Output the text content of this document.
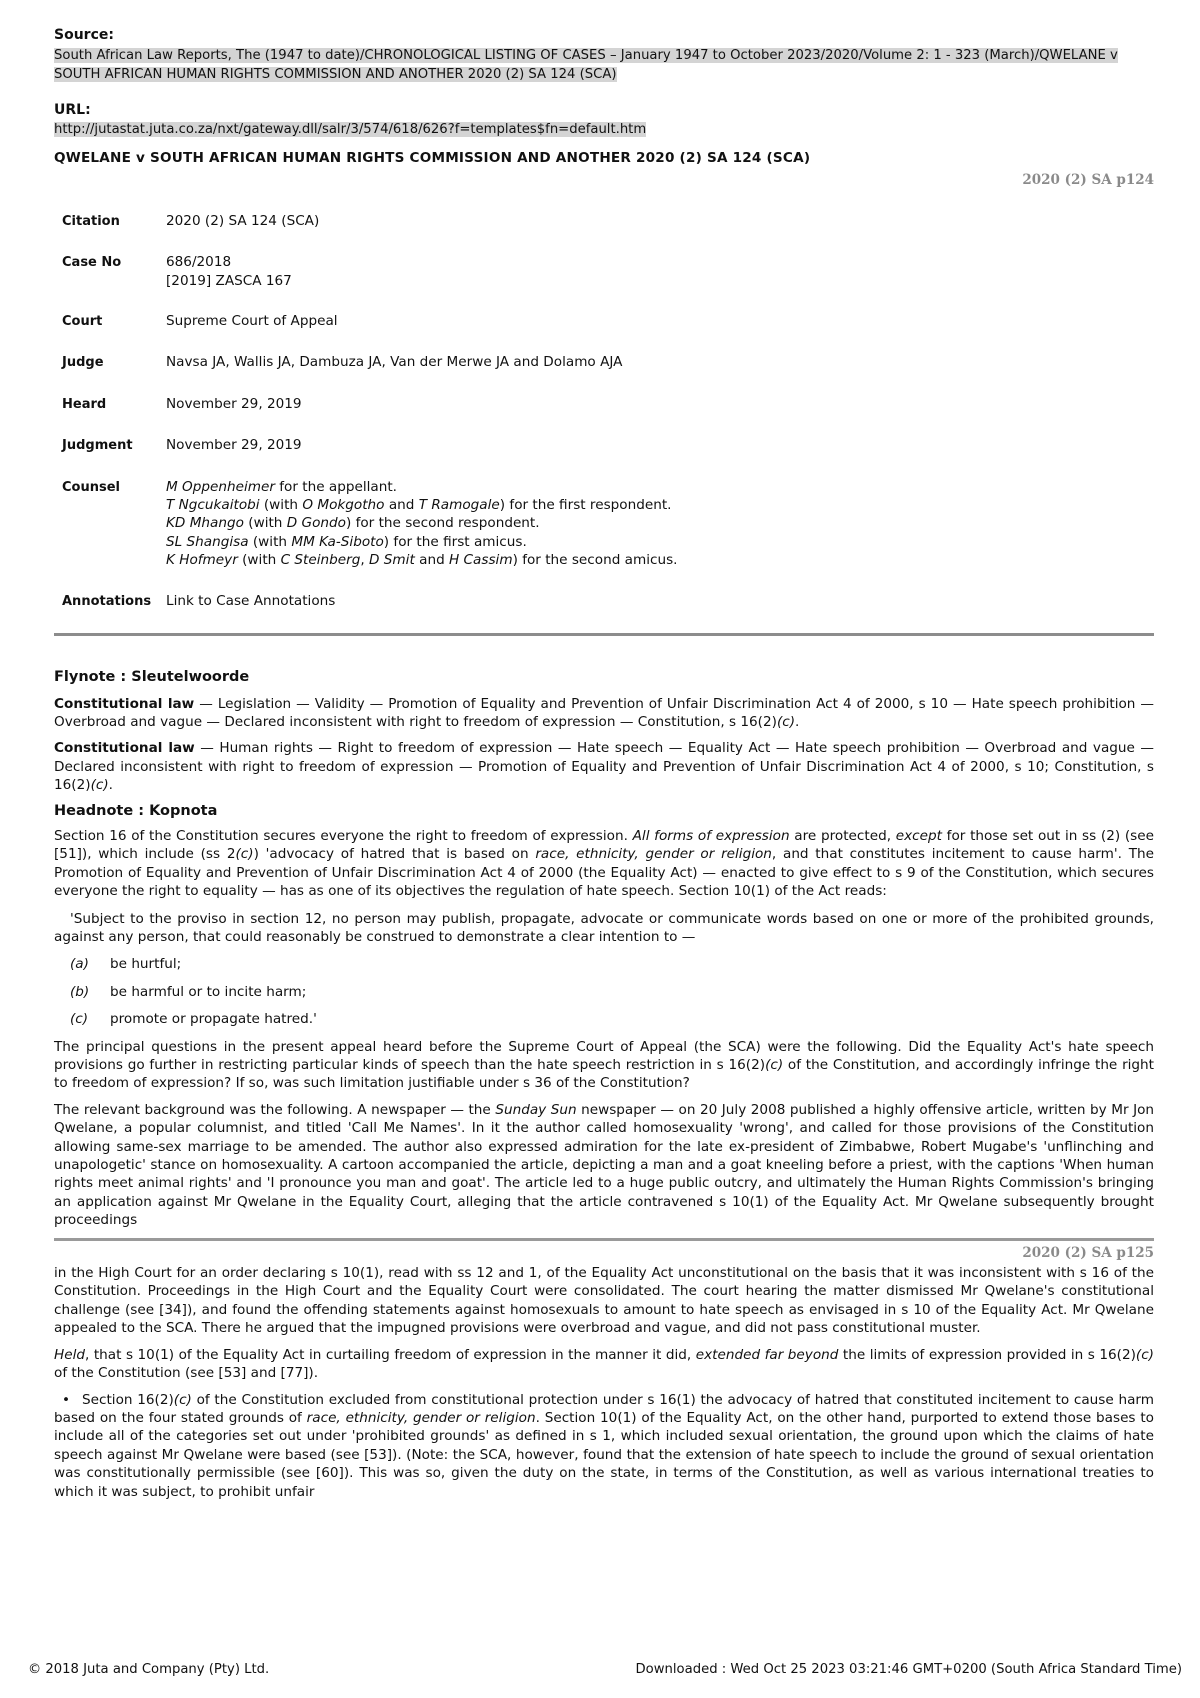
Source:
South African Law Reports, The (1947 to date)/CHRONOLOGICAL LISTING OF CASES – January 1947 to October 2023/2020/Volume 2: 1 - 323 (March)/QWELANE v SOUTH AFRICAN HUMAN RIGHTS COMMISSION AND ANOTHER 2020 (2) SA 124 (SCA)
URL:
http://jutastat.juta.co.za/nxt/gateway.dll/salr/3/574/618/626?f=templates$fn=default.htm
QWELANE v SOUTH AFRICAN HUMAN RIGHTS COMMISSION AND ANOTHER 2020 (2) SA 124 (SCA)
2020 (2) SA p124
Citation	2020 (2) SA 124 (SCA)
Case No	686/2018
[2019] ZASCA 167
Court	Supreme Court of Appeal
Judge	Navsa JA, Wallis JA, Dambuza JA, Van der Merwe JA and Dolamo AJA
Heard	November 29, 2019
Judgment	November 29, 2019
Counsel	M Oppenheimer for the appellant.
T Ngcukaitobi (with O Mokgotho and T Ramogale) for the first respondent.
KD Mhango (with D Gondo) for the second respondent.
SL Shangisa (with MM Ka-Siboto) for the first amicus.
K Hofmeyr (with C Steinberg, D Smit and H Cassim) for the second amicus.
Annotations	Link to Case Annotations
Flynote : Sleutelwoorde

Constitutional law — Legislation — Validity — Promotion of Equality and Prevention of Unfair Discrimination Act 4 of 2000, s 10 — Hate speech prohibition — Overbroad and vague — Declared inconsistent with right to freedom of expression — Constitution, s 16(2)(c).

Constitutional law — Human rights — Right to freedom of expression — Hate speech — Equality Act — Hate speech prohibition — Overbroad and vague — Declared inconsistent with right to freedom of expression — Promotion of Equality and Prevention of Unfair Discrimination Act 4 of 2000, s 10; Constitution, s 16(2)(c).

Headnote : Kopnota

Section 16 of the Constitution secures everyone the right to freedom of expression. All forms of expression are protected, except for those set out in ss (2) (see [51]), which include (ss 2(c)) 'advocacy of hatred that is based on race, ethnicity, gender or religion, and that constitutes incitement to cause harm'. The Promotion of Equality and Prevention of Unfair Discrimination Act 4 of 2000 (the Equality Act) — enacted to give effect to s 9 of the Constitution, which secures everyone the right to equality — has as one of its objectives the regulation of hate speech. Section 10(1) of the Act reads:

'Subject to the proviso in section 12, no person may publish, propagate, advocate or communicate words based on one or more of the prohibited grounds, against any person, that could reasonably be construed to demonstrate a clear intention to —

(a) be hurtful;
(b) be harmful or to incite harm;
(c) promote or propagate hatred.'

The principal questions in the present appeal heard before the Supreme Court of Appeal (the SCA) were the following. Did the Equality Act's hate speech provisions go further in restricting particular kinds of speech than the hate speech restriction in s 16(2)(c) of the Constitution, and accordingly infringe the right to freedom of expression? If so, was such limitation justifiable under s 36 of the Constitution?

The relevant background was the following. A newspaper — the Sunday Sun newspaper — on 20 July 2008 published a highly offensive article, written by Mr Jon Qwelane, a popular columnist, and titled 'Call Me Names'. In it the author called homosexuality 'wrong', and called for those provisions of the Constitution allowing same-sex marriage to be amended. The author also expressed admiration for the late ex-president of Zimbabwe, Robert Mugabe's 'unflinching and unapologetic' stance on homosexuality. A cartoon accompanied the article, depicting a man and a goat kneeling before a priest, with the captions 'When human rights meet animal rights' and 'I pronounce you man and goat'. The article led to a huge public outcry, and ultimately the Human Rights Commission's bringing an application against Mr Qwelane in the Equality Court, alleging that the article contravened s 10(1) of the Equality Act. Mr Qwelane subsequently brought proceedings

2020 (2) SA p125

in the High Court for an order declaring s 10(1), read with ss 12 and 1, of the Equality Act unconstitutional on the basis that it was inconsistent with s 16 of the Constitution. Proceedings in the High Court and the Equality Court were consolidated. The court hearing the matter dismissed Mr Qwelane's constitutional challenge (see [34]), and found the offending statements against homosexuals to amount to hate speech as envisaged in s 10 of the Equality Act. Mr Qwelane appealed to the SCA. There he argued that the impugned provisions were overbroad and vague, and did not pass constitutional muster.

Held, that s 10(1) of the Equality Act in curtailing freedom of expression in the manner it did, extended far beyond the limits of expression provided in s 16(2)(c) of the Constitution (see [53] and [77]).

• Section 16(2)(c) of the Constitution excluded from constitutional protection under s 16(1) the advocacy of hatred that constituted incitement to cause harm based on the four stated grounds of race, ethnicity, gender or religion. Section 10(1) of the Equality Act, on the other hand, purported to extend those bases to include all of the categories set out under 'prohibited grounds' as defined in s 1, which included sexual orientation, the ground upon which the claims of hate speech against Mr Qwelane were based (see [53]). (Note: the SCA, however, found that the extension of hate speech to include the ground of sexual orientation was constitutionally permissible (see [60]). This was so, given the duty on the state, in terms of the Constitution, as well as various international treaties to which it was subject, to prohibit unfair

© 2018 Juta and Company (Pty) Ltd.	Downloaded : Wed Oct 25 2023 03:21:46 GMT+0200 (South Africa Standard Time)
